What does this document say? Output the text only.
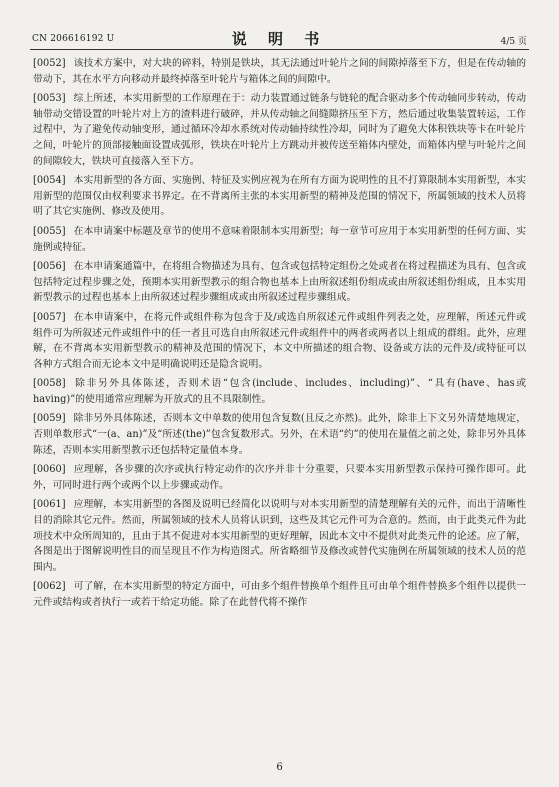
CN 206616192 U	说 明 书	4/5 页

[0052] 该技术方案中，对大块的碎料，特别是铁块，其无法通过叶轮片之间的间隙掉落至下方，但是在传动轴的带动下，其在水平方向移动并最终掉落至叶轮片与箱体之间的间隙中。

[0053] 综上所述，本实用新型的工作原理在于：动力装置通过链条与链轮的配合驱动多个传动轴同步转动，传动轴带动交错设置的叶轮片对上方的渣料进行破碎，并从传动轴之间缝隙挤压至下方，然后通过收集装置转运，工作过程中，为了避免传动轴变形，通过循环冷却水系统对传动轴持续性冷却，同时为了避免大体积铁块等卡在叶轮片之间，叶轮片的顶部接触面设置成弧形，铁块在叶轮片上方跳动并被传送至箱体内壁处，而箱体内壁与叶轮片之间的间隙较大，铁块可直接落入至下方。

[0054] 本实用新型的各方面、实施例、特征及实例应视为在所有方面为说明性的且不打算限制本实用新型，本实用新型的范围仅由权利要求书界定。在不背离所主张的本实用新型的精神及范围的情况下，所属领域的技术人员将明了其它实施例、修改及使用。

[0055] 在本申请案中标题及章节的使用不意味着限制本实用新型；每一章节可应用于本实用新型的任何方面、实施例或特征。

[0056] 在本申请案通篇中，在将组合物描述为具有、包含或包括特定组份之处或者在将过程描述为具有、包含或包括特定过程步骤之处，预期本实用新型教示的组合物也基本上由所叙述组份组成或由所叙述组份组成，且本实用新型教示的过程也基本上由所叙述过程步骤组成或由所叙述过程步骤组成。

[0057] 在本申请案中，在将元件或组件称为包含于及/或选自所叙述元件或组件列表之处，应理解，所述元件或组件可为所叙述元件或组件中的任一者且可选自由所叙述元件或组件中的两者或两者以上组成的群组。此外，应理解，在不背离本实用新型教示的精神及范围的情况下，本文中所描述的组合物、设备或方法的元件及/或特征可以各种方式组合而无论本文中是明确说明还是隐含说明。

[0058] 除非另外具体陈述，否则术语“包含(include、includes、including)”、“具有(have、has或having)”的使用通常应理解为开放式的且不具限制性。

[0059] 除非另外具体陈述，否则本文中单数的使用包含复数(且反之亦然)。此外，除非上下文另外清楚地规定，否则单数形式“一(a、an)”及“所述(the)”包含复数形式。另外，在术语“约”的使用在量值之前之处，除非另外具体陈述，否则本实用新型教示还包括特定量值本身。

[0060] 应理解，各步骤的次序或执行特定动作的次序并非十分重要，只要本实用新型教示保持可操作即可。此外，可同时进行两个或两个以上步骤或动作。

[0061] 应理解，本实用新型的各图及说明已经简化以说明与对本实用新型的清楚理解有关的元件，而出于清晰性目的消除其它元件。然而，所属领域的技术人员将认识到，这些及其它元件可为合意的。然而，由于此类元件为此项技术中众所周知的，且由于其不促进对本实用新型的更好理解，因此本文中不提供对此类元件的论述。应了解，各图是出于图解说明性目的而呈现且不作为构造图式。所省略细节及修改或替代实施例在所属领域的技术人员的范围内。

[0062] 可了解，在本实用新型的特定方面中，可由多个组件替换单个组件且可由单个组件替换多个组件以提供一元件或结构或者执行一或若干给定功能。除了在此替代将不操作

6
